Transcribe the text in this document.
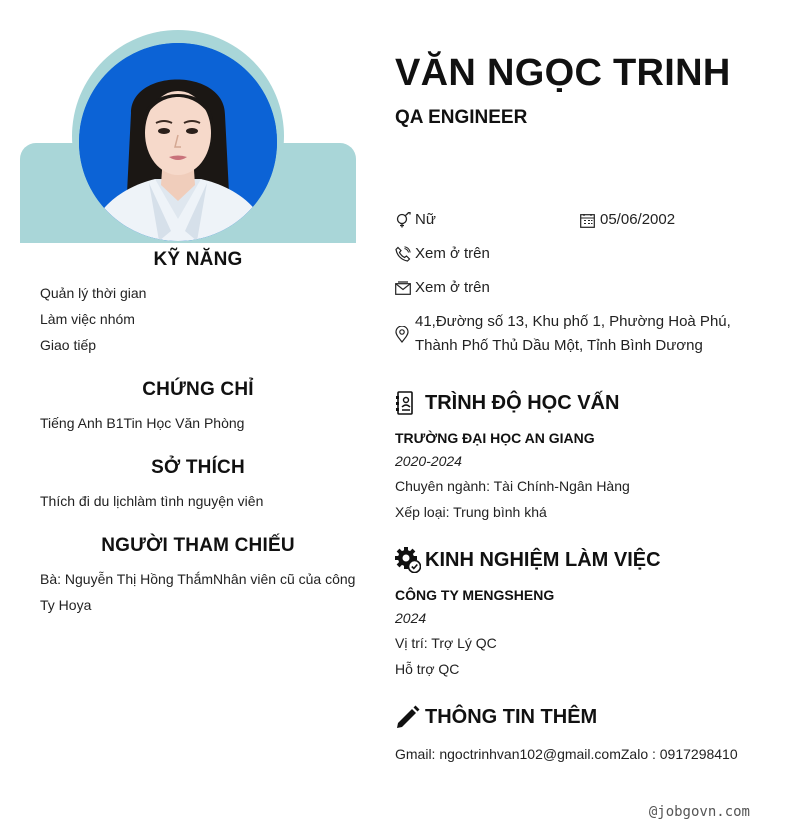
KỸ NĂNG
Quản lý thời gian
Làm việc nhóm
Giao tiếp
CHỨNG CHỈ
Tiếng Anh B1Tin Học Văn Phòng
SỞ THÍCH
Thích đi du lịchlàm tình nguyện viên
NGƯỜI THAM CHIẾU
Bà: Nguyễn Thị Hồng ThắmNhân viên cũ của công
Ty Hoya
VĂN NGỌC TRINH
QA ENGINEER
Nữ	05/06/2002
Xem ở trên
Xem ở trên
41,Đường số 13, Khu phố 1, Phường Hoà Phú,
Thành Phố Thủ Dầu Một, Tỉnh Bình Dương
TRÌNH ĐỘ HỌC VẤN
TRƯỜNG ĐẠI HỌC AN GIANG
2020-2024
Chuyên ngành: Tài Chính-Ngân Hàng
Xếp loại: Trung bình khá
KINH NGHIỆM LÀM VIỆC
CÔNG TY MENGSHENG
2024
Vị trí: Trợ Lý QC
Hỗ trợ QC
THÔNG TIN THÊM
Gmail: ngoctrinhvan102@gmail.comZalo : 0917298410
@jobgovn.com
